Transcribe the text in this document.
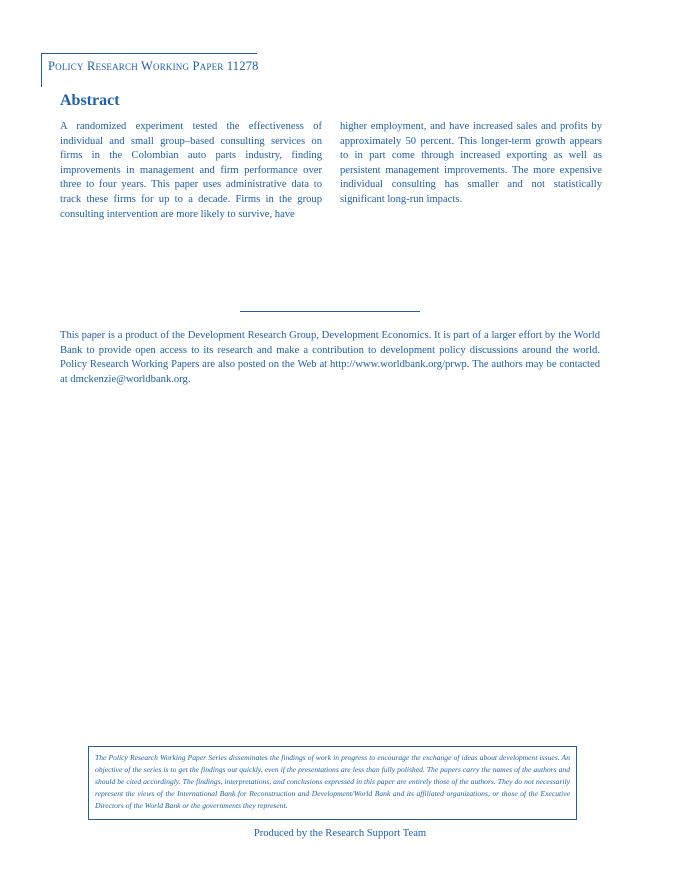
Policy Research Working Paper 11278
Abstract

A randomized experiment tested the effectiveness of individual and small group–based consulting services on firms in the Colombian auto parts industry, finding improvements in management and firm performance over three to four years. This paper uses administrative data to track these firms for up to a decade. Firms in the group consulting intervention are more likely to survive, have

higher employment, and have increased sales and profits by approximately 50 percent. This longer-term growth appears to in part come through increased exporting as well as persistent management improvements. The more expensive individual consulting has smaller and not statistically significant long-run impacts.

This paper is a product of the Development Research Group, Development Economics. It is part of a larger effort by the World Bank to provide open access to its research and make a contribution to development policy discussions around the world. Policy Research Working Papers are also posted on the Web at http://www.worldbank.org/prwp. The authors may be contacted at dmckenzie@worldbank.org.

The Policy Research Working Paper Series disseminates the findings of work in progress to encourage the exchange of ideas about development issues. An objective of the series is to get the findings out quickly, even if the presentations are less than fully polished. The papers carry the names of the authors and should be cited accordingly. The findings, interpretations, and conclusions expressed in this paper are entirely those of the authors. They do not necessarily represent the views of the International Bank for Reconstruction and Development/World Bank and its affiliated organizations, or those of the Executive Directors of the World Bank or the governments they represent.

Produced by the Research Support Team
